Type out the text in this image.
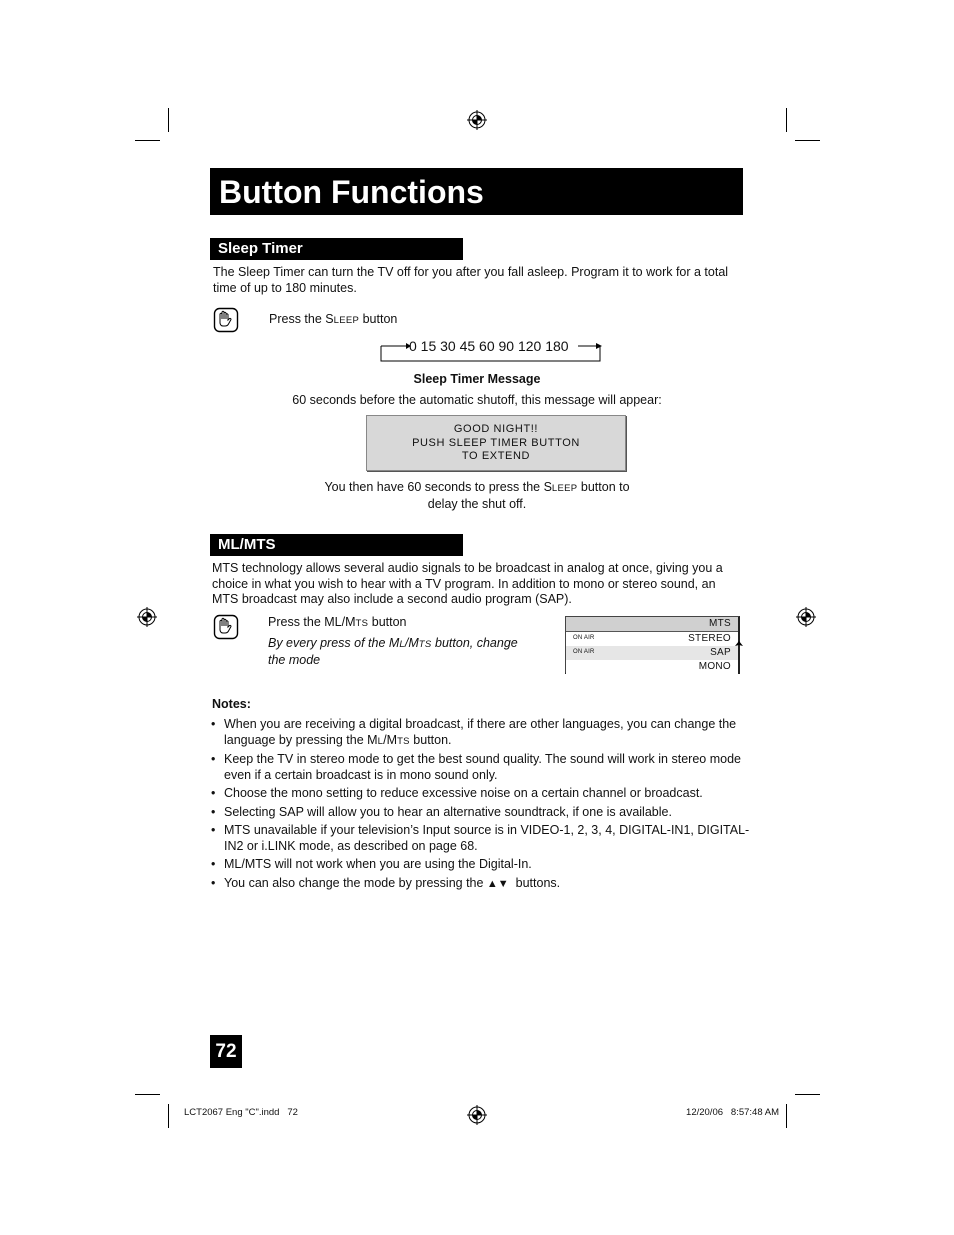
Button Functions
Sleep Timer
The Sleep Timer can turn the TV off for you after you fall asleep. Program it to work for a total time of up to 180 minutes.
Press the SLEEP button
0 15 30 45 60 90 120 180
Sleep Timer Message
60 seconds before the automatic shutoff, this message will appear:
GOOD NIGHT!!
PUSH SLEEP TIMER BUTTON
TO EXTEND
You then have 60 seconds to press the SLEEP button to
delay the shut off.
ML/MTS
MTS technology allows several audio signals to be broadcast in analog at once, giving you a choice in what you wish to hear with a TV program. In addition to mono or stereo sound, an MTS broadcast may also include a second audio program (SAP).
Press the ML/MTS button
By every press of the ML/MTS button, change
the mode
MTS
ON AIR	STEREO
ON AIR	SAP
MONO
Notes:
• When you are receiving a digital broadcast, if there are other languages, you can change the language by pressing the ML/MTS button.
• Keep the TV in stereo mode to get the best sound quality. The sound will work in stereo mode even if a certain broadcast is in mono sound only.
• Choose the mono setting to reduce excessive noise on a certain channel or broadcast.
• Selecting SAP will allow you to hear an alternative soundtrack, if one is available.
• MTS unavailable if your television’s Input source is in VIDEO-1, 2, 3, 4, DIGITAL-IN1, DIGITAL-IN2 or i.LINK mode, as described on page 68.
• ML/MTS will not work when you are using the Digital-In.
• You can also change the mode by pressing the ▲▼  buttons.
72
LCT2067 Eng "C".indd   72	12/20/06   8:57:48 AM
